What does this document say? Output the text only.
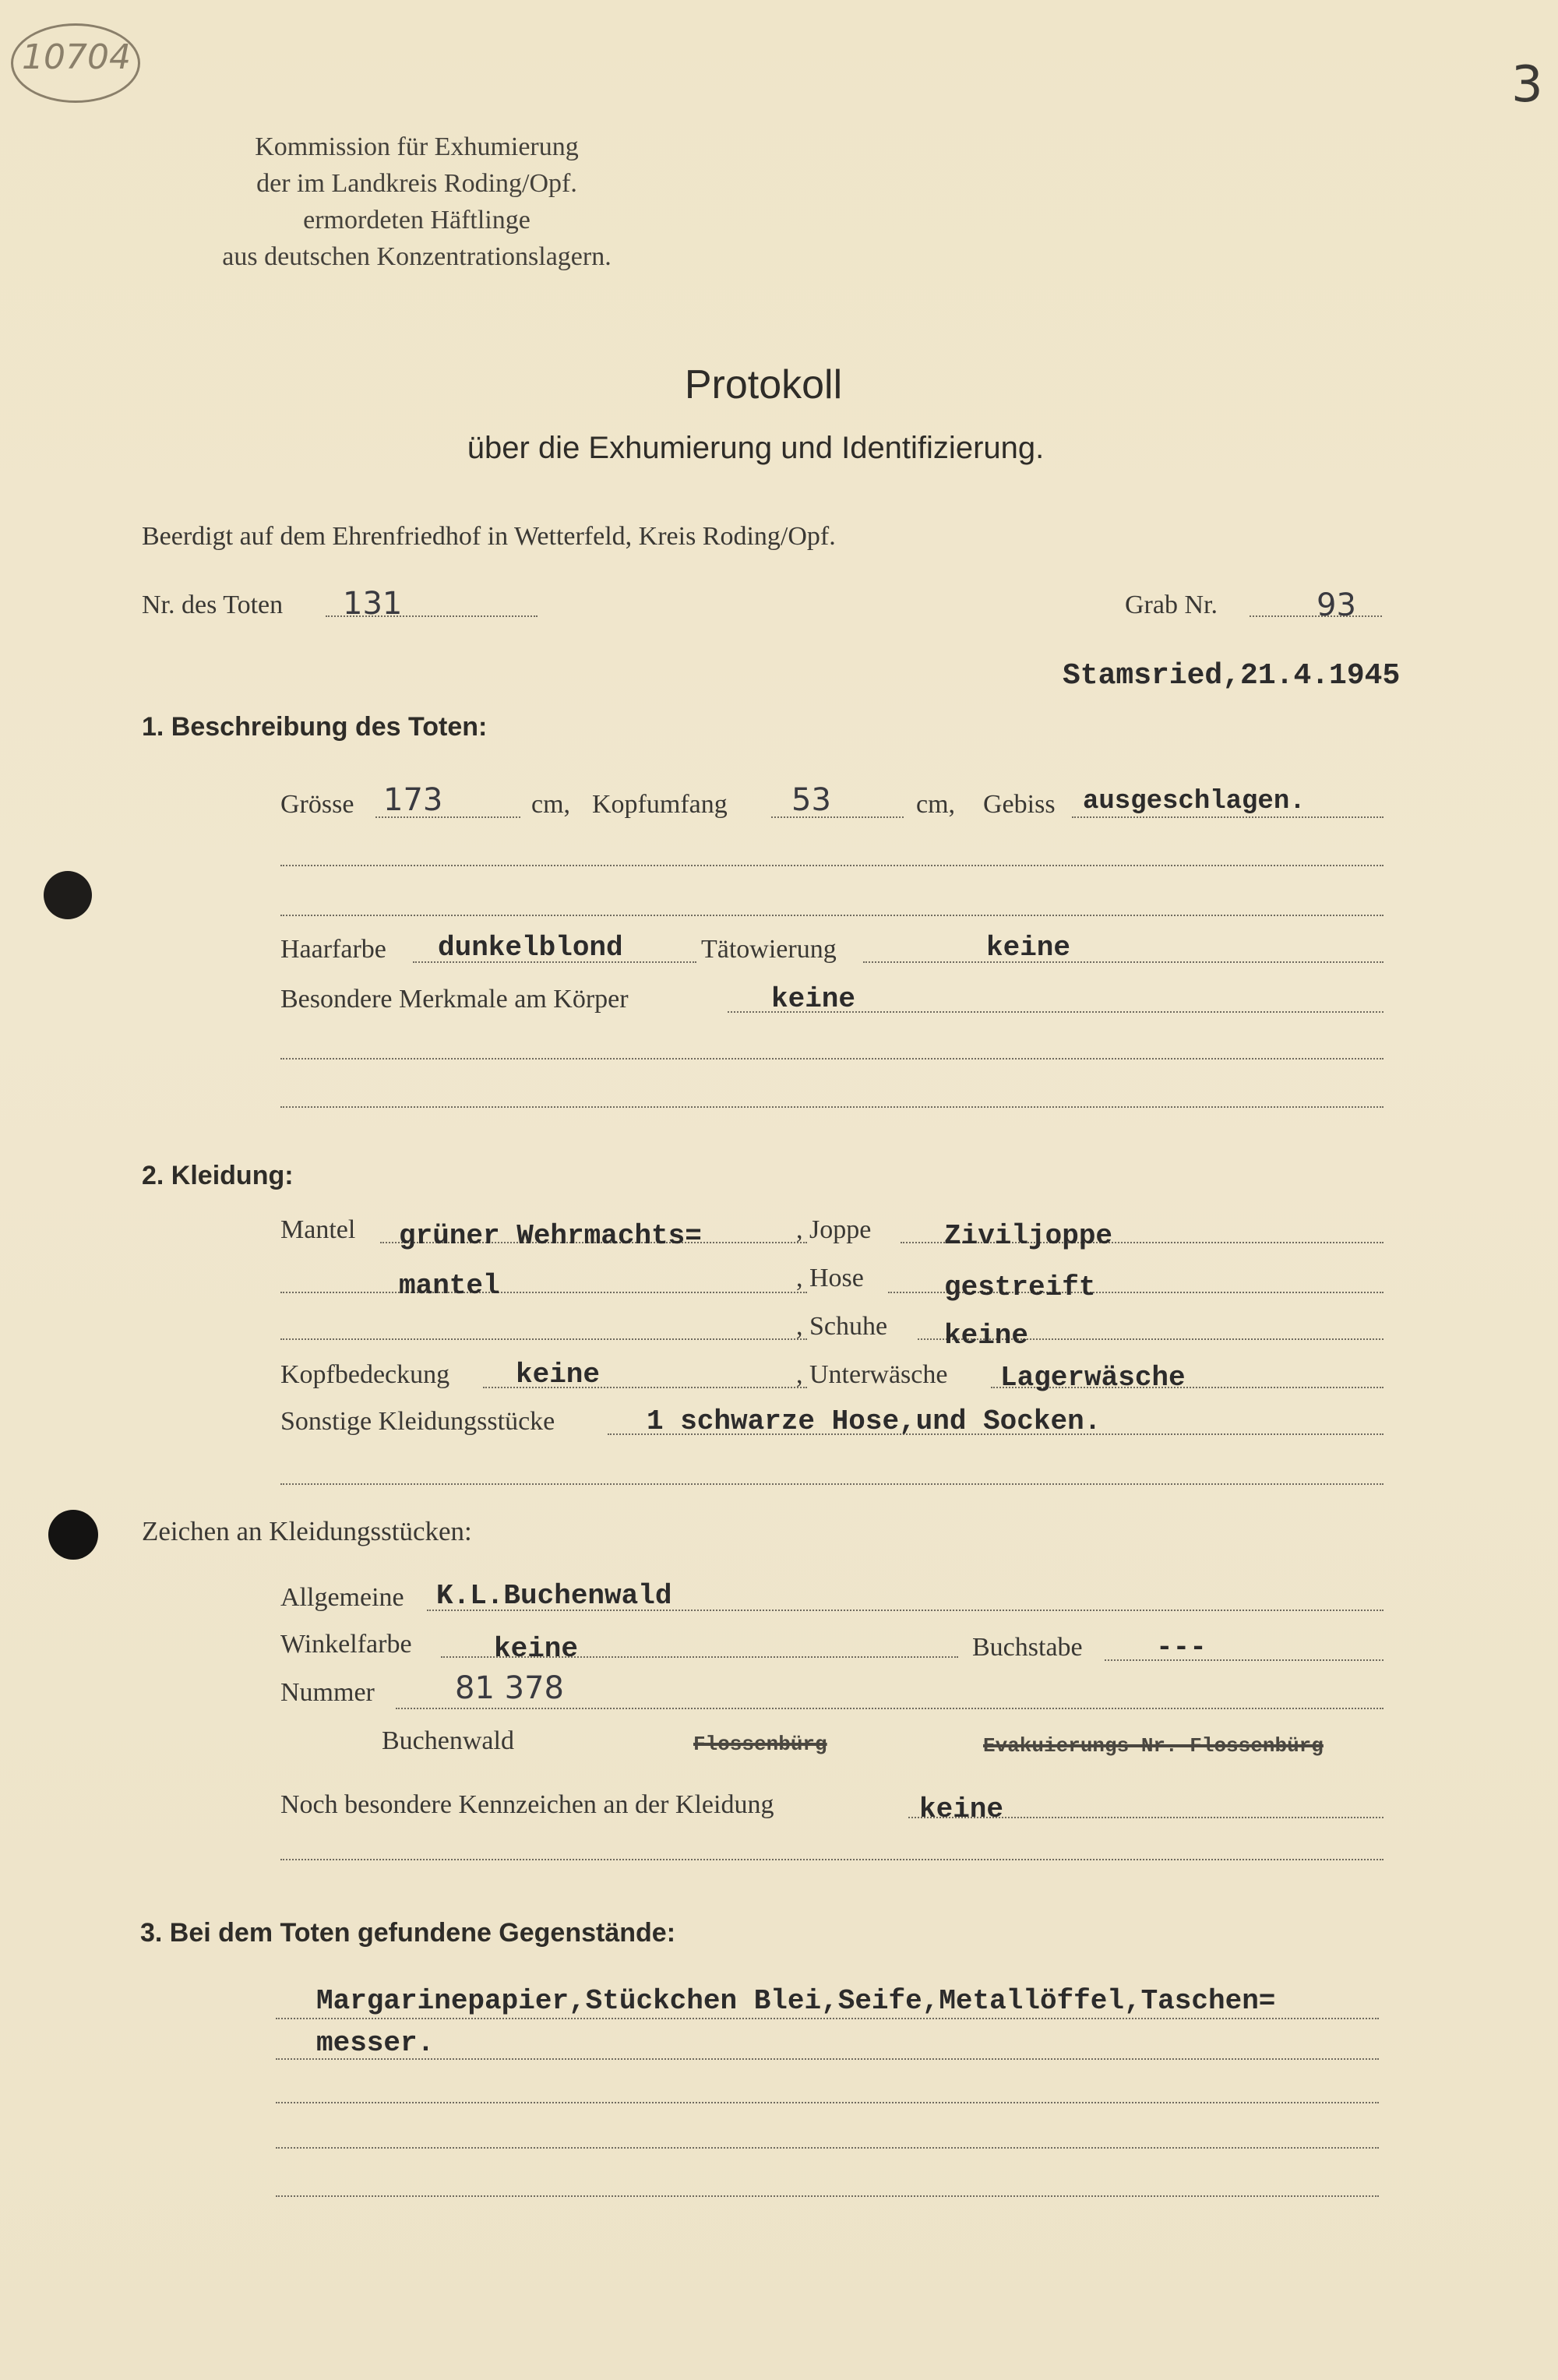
10704	3
Kommission für Exhumierung
der im Landkreis Roding/Opf.
ermordeten Häftlinge
aus deutschen Konzentrationslagern.
Protokoll
über die Exhumierung und Identifizierung.
Beerdigt auf dem Ehrenfriedhof in Wetterfeld, Kreis Roding/Opf.
Nr. des Toten 131	Grab Nr.	93
Stamsried,21.4.1945
1. Beschreibung des Toten:
Grösse 173	cm, Kopfumfang 53	cm, Gebiss ausgeschlagen.
Haarfarbe dunkelblond	Tätowierung	keine
Besondere Merkmale am Körper	keine
2. Kleidung:
Mantel grüner Wehrmachts=	, Joppe	Ziviljoppe
mantel	, Hose	gestreift
, Schuhe keine
Kopfbedeckung keine	, Unterwäsche Lagerwäsche
Sonstige Kleidungsstücke	1 schwarze Hose,und Socken.
Zeichen an Kleidungsstücken:
Allgemeine K.L.Buchenwald
Winkelfarbe	keine	Buchstabe	---
Nummer	81 378
Buchenwald	Flossenbürg	Evakuierungs-Nr. Flossenbürg
Noch besondere Kennzeichen an der Kleidung	keine
3. Bei dem Toten gefundene Gegenstände:
Margarinepapier,Stückchen Blei,Seife,Metallöffel,Taschen=
messer.
